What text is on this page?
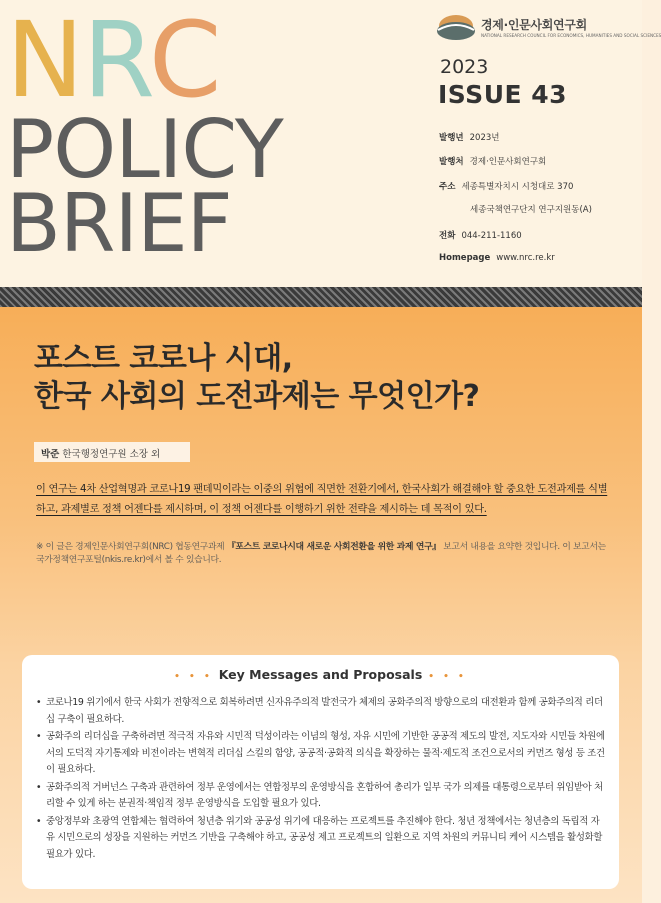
NRC
POLICY
BRIEF
경제·인문사회연구회
NATIONAL RESEARCH COUNCIL FOR ECONOMICS, HUMANITIES AND SOCIAL SCIENCES
2023
ISSUE 43
발행년 2023년
발행처 경제·인문사회연구회
주소 세종특별자치시 시청대로 370
세종국책연구단지 연구지원동(A)
전화 044-211-1160
Homepage www.nrc.re.kr
포스트 코로나 시대,
한국 사회의 도전과제는 무엇인가?
박준 한국행정연구원 소장 외
이 연구는 4차 산업혁명과 코로나19 팬데믹이라는 이중의 위협에 직면한 전환기에서, 한국사회가 해결해야 할 중요한 도전과제를 식별하고, 과제별로 정책 어젠다를 제시하며, 이 정책 어젠다를 이행하기 위한 전략을 제시하는 데 목적이 있다.
※ 이 글은 경제인문사회연구회(NRC) 협동연구과제 『포스트 코로나시대 새로운 사회전환을 위한 과제 연구』 보고서 내용을 요약한 것입니다. 이 보고서는 국가정책연구포털(nkis.re.kr)에서 볼 수 있습니다.
• • • Key Messages and Proposals • • •
• 코로나19 위기에서 한국 사회가 전향적으로 회복하려면 신자유주의적 발전국가 체제의 공화주의적 방향으로의 대전환과 함께 공화주의적 리더십 구축이 필요하다.
• 공화주의 리더십을 구축하려면 적극적 자유와 시민적 덕성이라는 이념의 형성, 자유 시민에 기반한 공공적 제도의 발전, 지도자와 시민들 차원에서의 도덕적 자기통제와 비전이라는 변혁적 리더십 스킬의 함양, 공공적·공화적 의식을 확장하는 물적·제도적 조건으로서의 커먼즈 형성 등 조건이 필요하다.
• 공화주의적 거버넌스 구축과 관련하여 정부 운영에서는 연합정부의 운영방식을 혼합하여 총리가 일부 국가 의제를 대통령으로부터 위임받아 처리할 수 있게 하는 분권적·책임적 정부 운영방식을 도입할 필요가 있다.
• 중앙정부와 초광역 연합체는 협력하여 청년층 위기와 공공성 위기에 대응하는 프로젝트를 추진해야 한다. 청년 정책에서는 청년층의 독립적 자유 시민으로의 성장을 지원하는 커먼즈 기반을 구축해야 하고, 공공성 제고 프로젝트의 일환으로 지역 차원의 커뮤니티 케어 시스템을 활성화할 필요가 있다.
